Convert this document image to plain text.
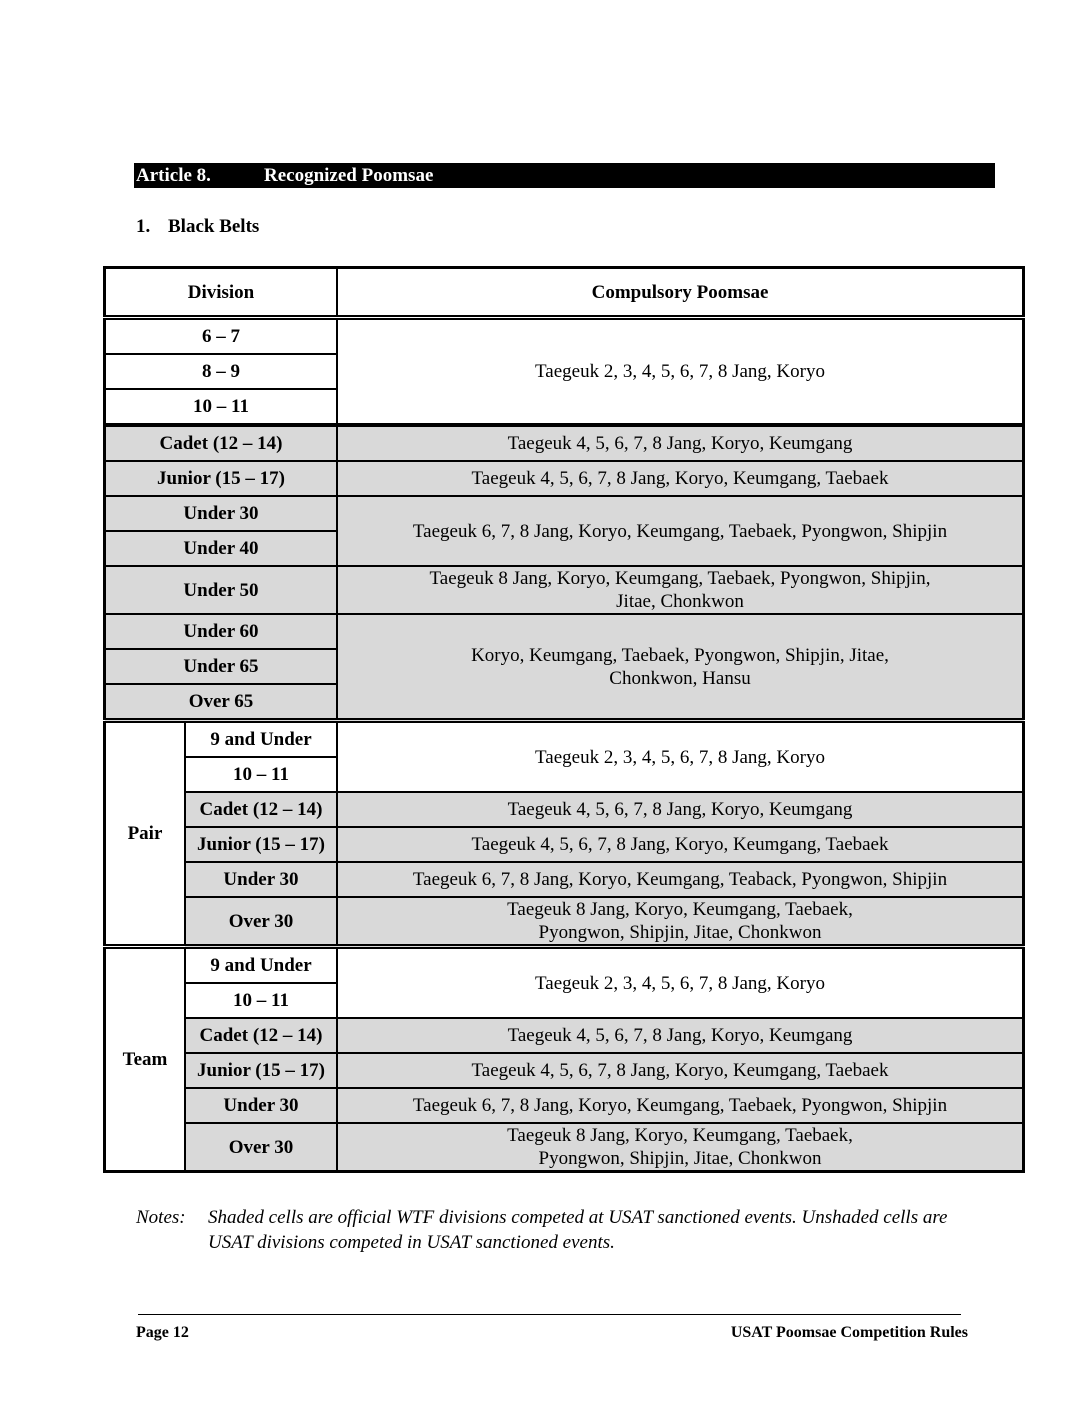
Article 8.	Recognized Poomsae
1. Black Belts
Division		Compulsory Poomsae
6 – 7		Taegeuk 2, 3, 4, 5, 6, 7, 8 Jang, Koryo
8 – 9		
10 – 11		
Cadet (12 – 14)		Taegeuk 4, 5, 6, 7, 8 Jang, Koryo, Keumgang
Junior (15 – 17)		Taegeuk 4, 5, 6, 7, 8 Jang, Koryo, Keumgang, Taebaek
Under 30		Taegeuk 6, 7, 8 Jang, Koryo, Keumgang, Taebaek, Pyongwon, Shipjin
Under 40		
Under 50		Taegeuk 8 Jang, Koryo, Keumgang, Taebaek, Pyongwon, Shipjin,
Jitae, Chonkwon

Under 60		Koryo, Keumgang, Taebaek, Pyongwon, Shipjin, Jitae,
Chonkwon, Hansu

Under 65		
Over 65		
Pair	9 and Under	Taegeuk 2, 3, 4, 5, 6, 7, 8 Jang, Koryo
	10 – 11	
	Cadet (12 – 14)	Taegeuk 4, 5, 6, 7, 8 Jang, Koryo, Keumgang
	Junior (15 – 17)	Taegeuk 4, 5, 6, 7, 8 Jang, Koryo, Keumgang, Taebaek
	Under 30	Taegeuk 6, 7, 8 Jang, Koryo, Keumgang, Teaback, Pyongwon, Shipjin
	Over 30	Taegeuk 8 Jang, Koryo, Keumgang, Taebaek,
Pyongwon, Shipjin, Jitae, Chonkwon

Team	9 and Under	Taegeuk 2, 3, 4, 5, 6, 7, 8 Jang, Koryo
	10 – 11	
	Cadet (12 – 14)	Taegeuk 4, 5, 6, 7, 8 Jang, Koryo, Keumgang
	Junior (15 – 17)	Taegeuk 4, 5, 6, 7, 8 Jang, Koryo, Keumgang, Taebaek
	Under 30	Taegeuk 6, 7, 8 Jang, Koryo, Keumgang, Taebaek, Pyongwon, Shipjin
	Over 30	Taegeuk 8 Jang, Koryo, Keumgang, Taebaek,
Pyongwon, Shipjin, Jitae, Chonkwon
Notes: Shaded cells are official WTF divisions competed at USAT sanctioned events. Unshaded cells are USAT divisions competed in USAT sanctioned events.
Page 12	USAT Poomsae Competition Rules
